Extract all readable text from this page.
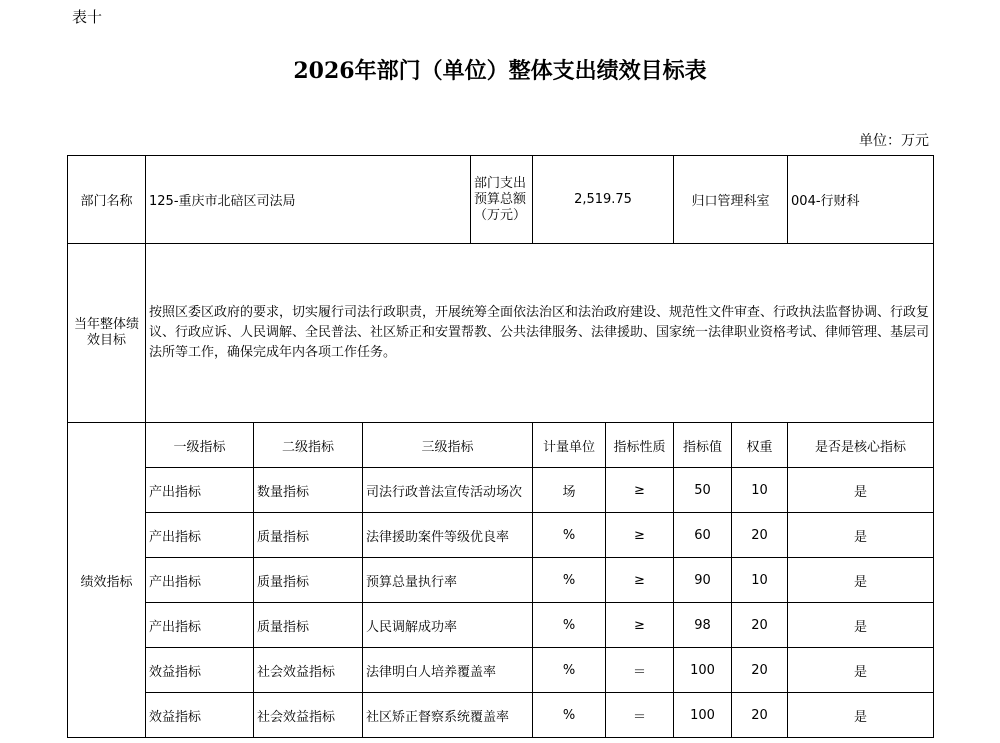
表十
2026年部门（单位）整体支出绩效目标表
单位：万元
部门名称	125-重庆市北碚区司法局			部门支出预算总额（万元）	2,519.75		归口管理科室		004-行财科
当年整体绩效目标	按照区委区政府的要求，切实履行司法行政职责，开展统筹全面依法治区和法治政府建设、规范性文件审查、行政执法监督协调、行政复议、行政应诉、人民调解、全民普法、社区矫正和安置帮教、公共法律服务、法律援助、国家统一法律职业资格考试、律师管理、基层司法所等工作，确保完成年内各项工作任务。								
绩效指标	一级指标	二级指标	三级指标		计量单位	指标性质	指标值	权重	是否是核心指标
	产出指标	数量指标	司法行政普法宣传活动场次		场	≥	50	10	是
	产出指标	质量指标	法律援助案件等级优良率		%	≥	60	20	是
	产出指标	质量指标	预算总量执行率		%	≥	90	10	是
	产出指标	质量指标	人民调解成功率		%	≥	98	20	是
	效益指标	社会效益指标	法律明白人培养覆盖率		%	＝	100	20	是
	效益指标	社会效益指标	社区矫正督察系统覆盖率		%	＝	100	20	是
